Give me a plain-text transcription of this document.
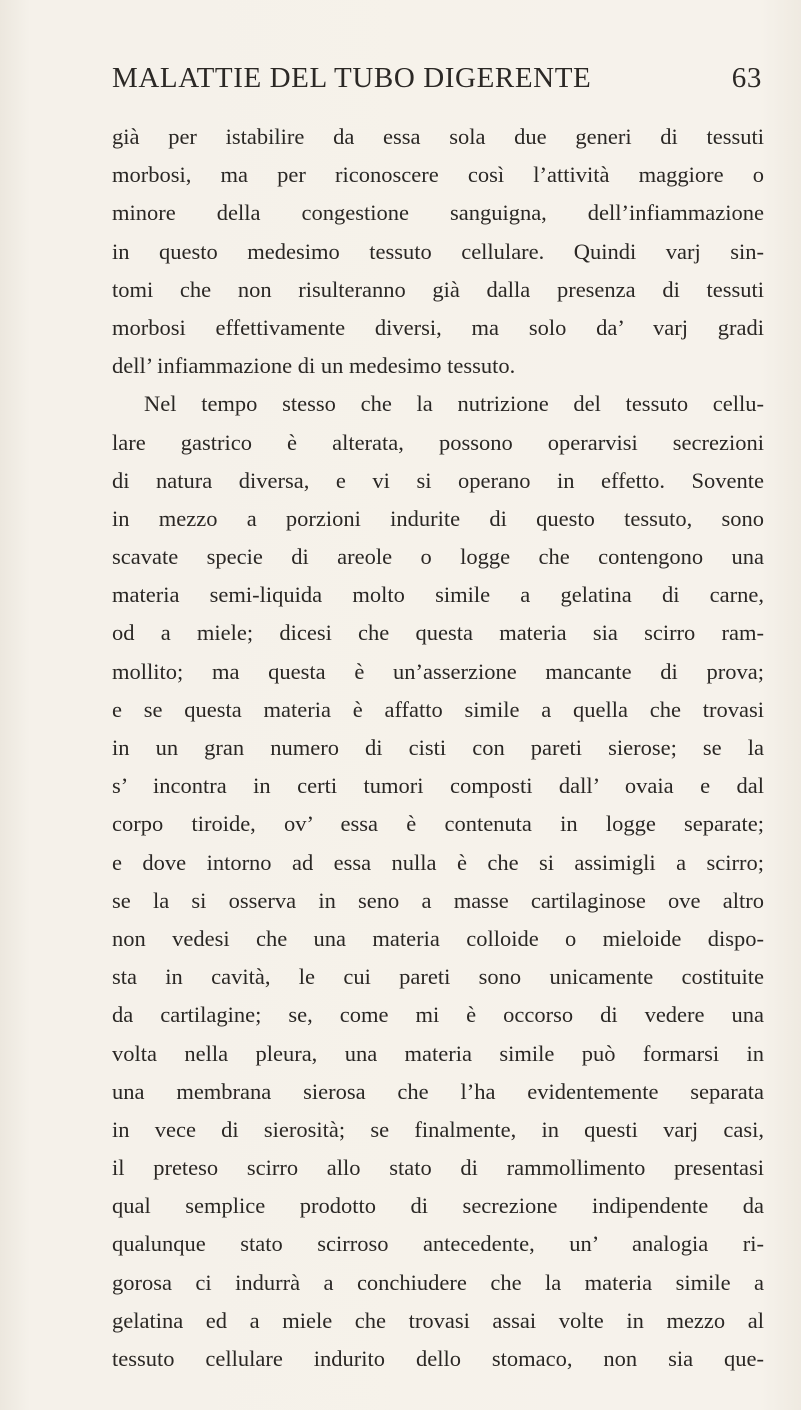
MALATTIE DEL TUBO DIGERENTE	63
già per istabilire da essa sola due generi di tessuti
morbosi, ma per riconoscere così l’attività maggiore o
minore della congestione sanguigna, dell’infiammazione
in questo medesimo tessuto cellulare. Quindi varj sin-
tomi che non risulteranno già dalla presenza di tessuti
morbosi effettivamente diversi, ma solo da’ varj gradi
dell’ infiammazione di un medesimo tessuto.
Nel tempo stesso che la nutrizione del tessuto cellu-
lare gastrico è alterata, possono operarvisi secrezioni
di natura diversa, e vi si operano in effetto. Sovente
in mezzo a porzioni indurite di questo tessuto, sono
scavate specie di areole o logge che contengono una
materia semi-liquida molto simile a gelatina di carne,
od a miele; dicesi che questa materia sia scirro ram-
mollito; ma questa è un’asserzione mancante di prova;
e se questa materia è affatto simile a quella che trovasi
in un gran numero di cisti con pareti sierose; se la
s’ incontra in certi tumori composti dall’ ovaia e dal
corpo tiroide, ov’ essa è contenuta in logge separate;
e dove intorno ad essa nulla è che si assimigli a scirro;
se la si osserva in seno a masse cartilaginose ove altro
non vedesi che una materia colloide o mieloide dispo-
sta in cavità, le cui pareti sono unicamente costituite
da cartilagine; se, come mi è occorso di vedere una
volta nella pleura, una materia simile può formarsi in
una membrana sierosa che l’ha evidentemente separata
in vece di sierosità; se finalmente, in questi varj casi,
il preteso scirro allo stato di rammollimento presentasi
qual semplice prodotto di secrezione indipendente da
qualunque stato scirroso antecedente, un’ analogia ri-
gorosa ci indurrà a conchiudere che la materia simile a
gelatina ed a miele che trovasi assai volte in mezzo al
tessuto cellulare indurito dello stomaco, non sia que-
